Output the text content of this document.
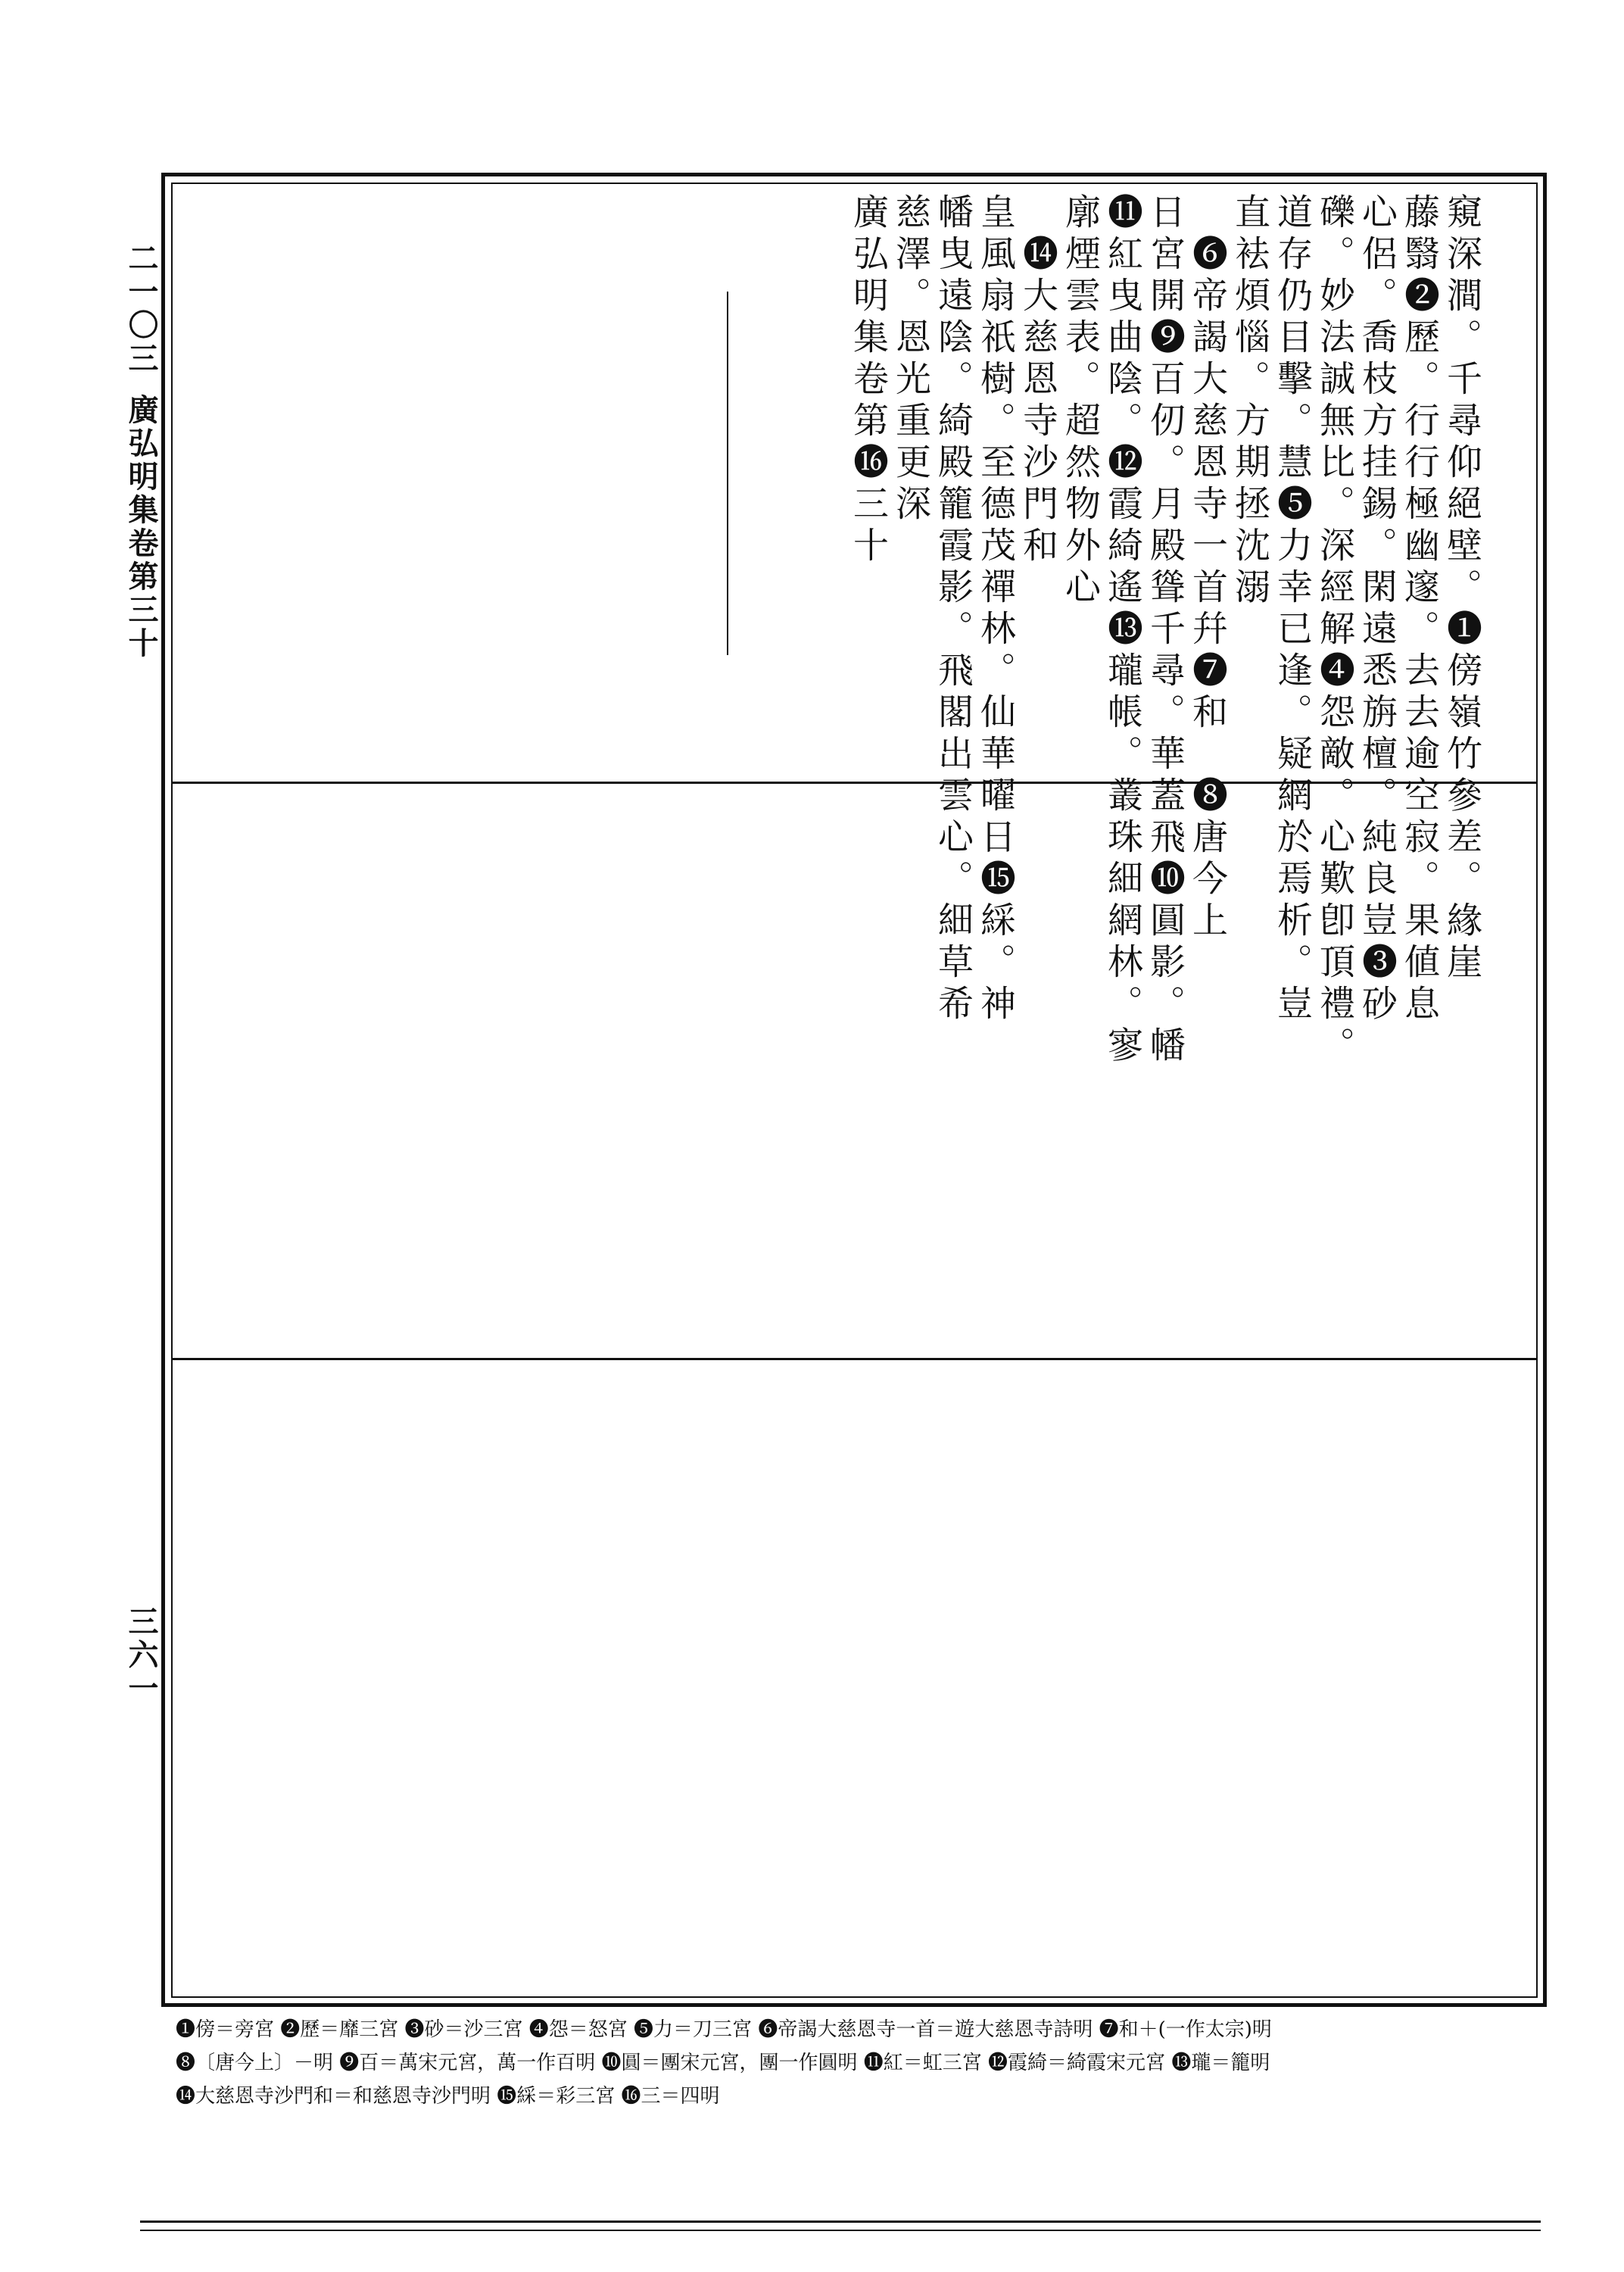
二一〇三
廣弘明集卷第三十
三六一
窺深澗。千尋仰絕壁。❶傍嶺竹參差。緣崖
藤翳❷歷。行行極幽邃。去去逾空寂。果値息
心侶。喬枝方挂錫。閑遠悉旃檀。純良豈❸砂
礫。妙法誠無比。深經解❹怨敵。心歎卽頂禮。
道存仍目擊。慧❺力幸已逢。疑網於焉析。豈
直袪煩惱。方期拯沈溺
❻帝謁大慈恩寺一首幷❼和　❽唐今上
日宮開❾百仞。月殿聳千尋。華蓋飛❿圓影。幡
⓫紅曳曲陰。⓬霞綺遙⓭瓏帳。叢珠細網林。寥
廓煙雲表。超然物外心
⓮大慈恩寺沙門和
皇風扇祇樹。至德茂禪林。仙華曜日⓯綵。神
幡曳遠陰。綺殿籠霞影。飛閣出雲心。細草希
慈澤。恩光重更深
廣弘明集卷第⓰三十
❶傍＝旁宮 ❷歷＝靡三宮 ❸砂＝沙三宮 ❹怨＝怒宮 ❺力＝刀三宮 ❻帝謁大慈恩寺一首＝遊大慈恩寺詩明 ❼和＋(一作太宗)明
❽〔唐今上〕－明 ❾百＝萬宋元宮，萬一作百明 ❿圓＝團宋元宮，團一作圓明 ⓫紅＝虹三宮 ⓬霞綺＝綺霞宋元宮 ⓭瓏＝籠明
⓮大慈恩寺沙門和＝和慈恩寺沙門明 ⓯綵＝彩三宮 ⓰三＝四明
